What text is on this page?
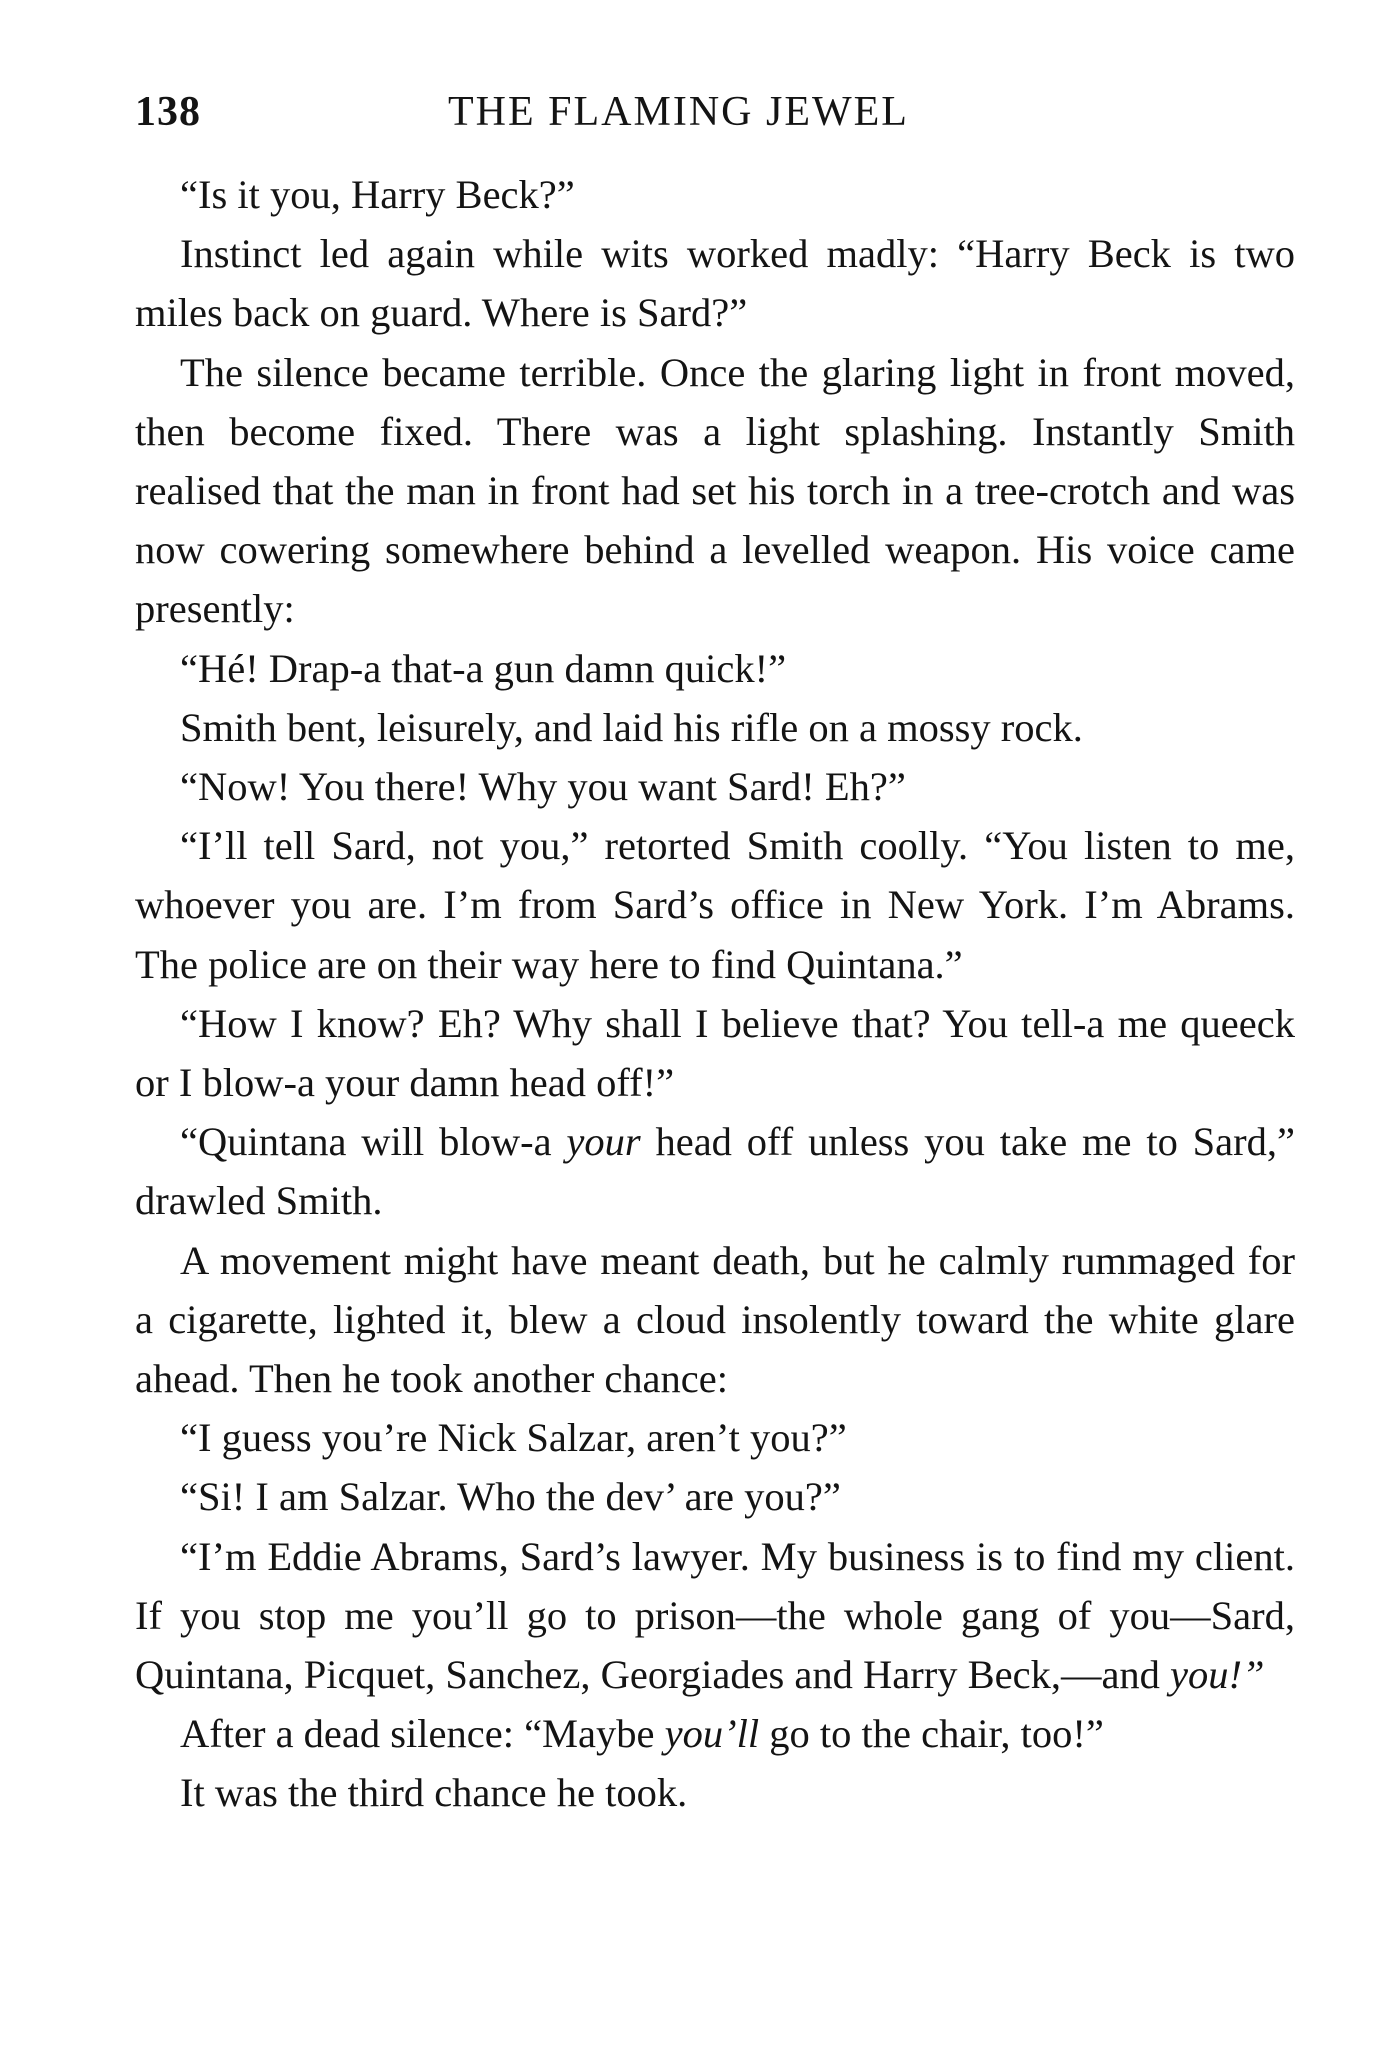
138	THE FLAMING JEWEL

“Is it you, Harry Beck?”

Instinct led again while wits worked madly: “Harry Beck is two miles back on guard. Where is Sard?”

The silence became terrible. Once the glaring light in front moved, then become fixed. There was a light splashing. Instantly Smith realised that the man in front had set his torch in a tree-crotch and was now cowering somewhere behind a levelled weapon. His voice came presently:

“Hé! Drap-a that-a gun damn quick!”

Smith bent, leisurely, and laid his rifle on a mossy rock.

“Now! You there! Why you want Sard! Eh?”

“I’ll tell Sard, not you,” retorted Smith coolly. “You listen to me, whoever you are. I’m from Sard’s office in New York. I’m Abrams. The police are on their way here to find Quintana.”

“How I know? Eh? Why shall I believe that? You tell-a me queeck or I blow-a your damn head off!”

“Quintana will blow-a your head off unless you take me to Sard,” drawled Smith.

A movement might have meant death, but he calmly rummaged for a cigarette, lighted it, blew a cloud insolently toward the white glare ahead. Then he took another chance:

“I guess you’re Nick Salzar, aren’t you?”

“Si! I am Salzar. Who the dev’ are you?”

“I’m Eddie Abrams, Sard’s lawyer. My business is to find my client. If you stop me you’ll go to prison—the whole gang of you—Sard, Quintana, Picquet, Sanchez, Georgiades and Harry Beck,—and you!”

After a dead silence: “Maybe you’ll go to the chair, too!”

It was the third chance he took.
